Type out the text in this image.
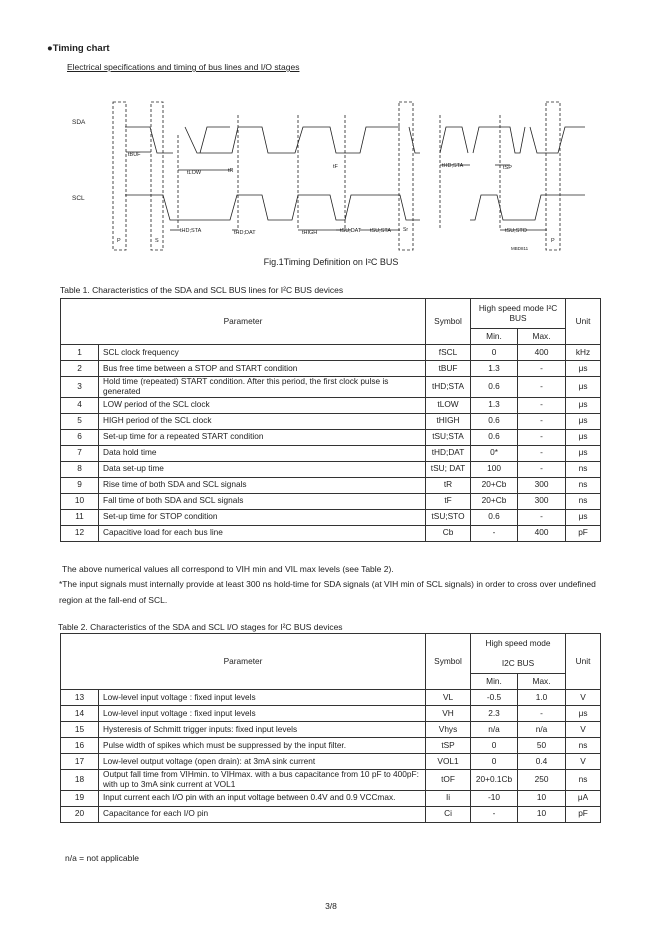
●Timing chart
Electrical specifications and timing of bus lines and I/O stages
SDA
SCL
tBUF
tLOW	tR
tF	tHD;STA	tSP
tHD;STA	tHD;DAT	tHIGH	tSU;DAT tSU;STA Sr	tSU;STO
P	S	P
MBD811
Fig.1Timing Definition on I²C BUS
Table 1. Characteristics of the SDA and SCL BUS lines for I²C BUS devices
Parameter		Symbol	High speed mode I²C BUS		Unit
			Min.	Max.	
1	SCL clock frequency	fSCL	0	400	kHz
2	Bus free time between a STOP and START condition	tBUF	1.3	-	μs
3	Hold time (repeated) START condition. After this period, the first clock pulse is generated	tHD;STA	0.6	-	μs
4	LOW period of the SCL clock	tLOW	1.3	-	μs
5	HIGH period of the SCL clock	tHIGH	0.6	-	μs
6	Set-up time for a repeated START condition	tSU;STA	0.6	-	μs
7	Data hold time	tHD;DAT	0*	-	μs
8	Data set-up time	tSU; DAT	100	-	ns
9	Rise time of both SDA and SCL signals	tR	20+Cb	300	ns
10	Fall time of both SDA and SCL signals	tF	20+Cb	300	ns
11	Set-up time for STOP condition	tSU;STO	0.6	-	μs
12	Capacitive load for each bus line	Cb	-	400	pF
The above numerical values all correspond to VIH min and VIL max levels (see Table 2).
*The input signals must internally provide at least 300 ns hold-time for SDA signals (at VIH min of SCL signals) in order to cross over undefined region at the fall-end of SCL.
Table 2. Characteristics of the SDA and SCL I/O stages for I²C BUS devices
Parameter		Symbol	High speed mode
I2C BUS		Unit
			Min.	Max.	
13	Low-level input voltage : fixed input levels	VL	-0.5	1.0	V
14	Low-level input voltage : fixed input levels	VH	2.3	-	μs
15	Hysteresis of Schmitt trigger inputs: fixed input levels	Vhys	n/a	n/a	V
16	Pulse width of spikes which must be suppressed by the input filter.	tSP	0	50	ns
17	Low-level output voltage (open drain): at 3mA sink current	VOL1	0	0.4	V
18	Output fall time from VIHmin. to VIHmax. with a bus capacitance from 10 pF to 400pF: with up to 3mA sink current at VOL1	tOF	20+0.1Cb	250	ns
19	Input current each I/O pin with an input voltage between 0.4V and 0.9 VCCmax.	Ii	-10	10	μA
20	Capacitance for each I/O pin	Ci	-	10	pF
n/a = not applicable
3/8
